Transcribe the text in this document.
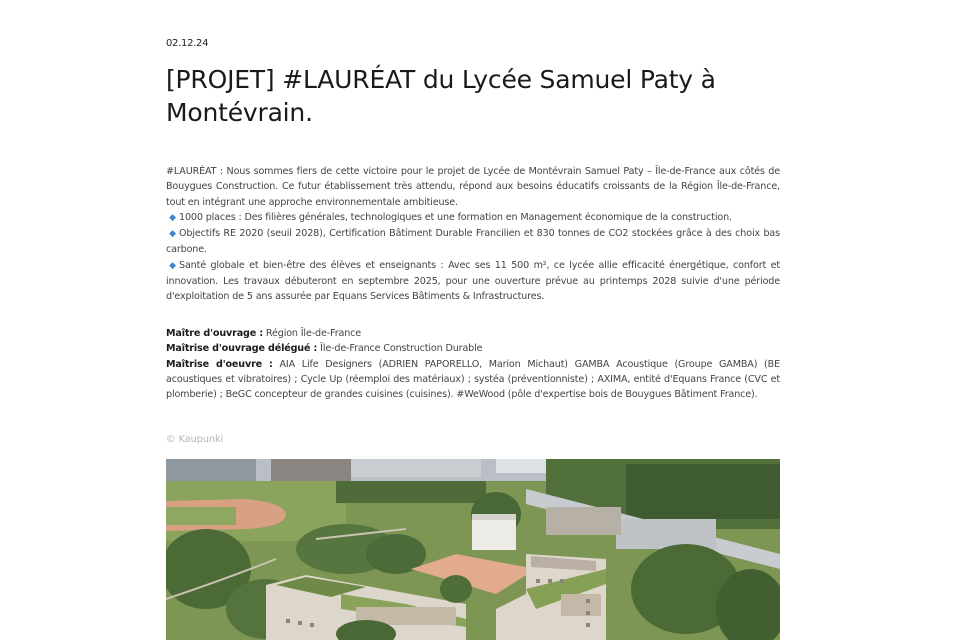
02.12.24
[PROJET] #LAURÉAT du Lycée Samuel Paty à Montévrain.

#LAURÉAT : Nous sommes fiers de cette victoire pour le projet de Lycée de Montévrain Samuel Paty – Île-de-France aux côtés de Bouygues Construction. Ce futur établissement très attendu, répond aux besoins éducatifs croissants de la Région Île-de-France, tout en intégrant une approche environnementale ambitieuse.

◆ 1000 places : Des filières générales, technologiques et une formation en Management économique de la construction.

◆ Objectifs RE 2020 (seuil 2028), Certification Bâtiment Durable Francilien et 830 tonnes de CO2 stockées grâce à des choix bas carbone.

◆ Santé globale et bien-être des élèves et enseignants : Avec ses 11 500 m², ce lycée allie efficacité énergétique, confort et innovation. Les travaux débuteront en septembre 2025, pour une ouverture prévue au printemps 2028 suivie d'une période d'exploitation de 5 ans assurée par Equans Services Bâtiments & Infrastructures.

Maître d'ouvrage : Région Île-de-France

Maîtrise d'ouvrage délégué : Île-de-France Construction Durable

Maîtrise d'oeuvre : AIA Life Designers (ADRIEN PAPORELLO, Marion Michaut) GAMBA Acoustique (Groupe GAMBA) (BE acoustiques et vibratoires) ; Cycle Up (réemploi des matériaux) ; systéa (préventionniste) ; AXIMA, entité d'Equans France (CVC et plomberie) ; BeGC concepteur de grandes cuisines (cuisines). #WeWood (pôle d'expertise bois de Bouygues Bâtiment France).

© Kaupunki
